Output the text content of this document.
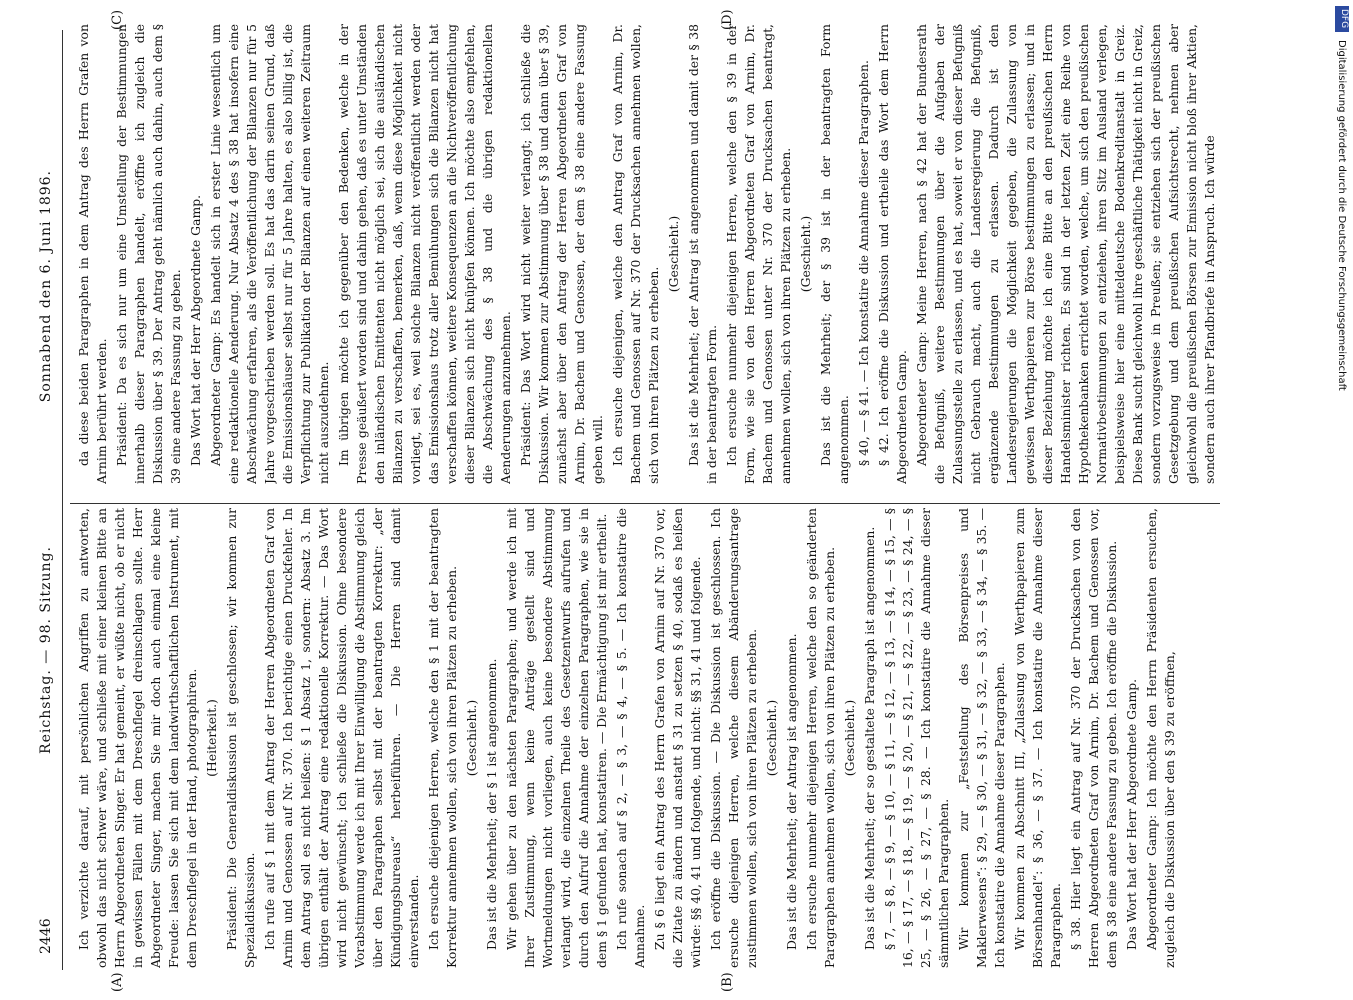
2446
Reichstag. — 98. Sitzung.
Sonnabend den 6. Juni 1896.
(A)	(B)
(C)	(D)

Ich verzichte darauf, mit persönlichen Angriffen zu antworten, obwohl das nicht schwer wäre, und schließe mit einer kleinen Bitte an Herrn Abgeordneten Singer. Er hat gemeint, er wüßte nicht, ob er nicht in gewissen Fällen mit dem Dreschflegel dreinschlagen sollte. Herr Abgeordneter Singer, machen Sie mir doch auch einmal eine kleine Freude: lassen Sie sich mit dem landwirthschaftlichen Instrument, mit dem Dreschflegel in der Hand, photographiren. (Heiterkeit.) Präsident: Die Generaldiskussion ist geschlossen; wir kommen zur Spezialdiskussion. Ich rufe auf § 1 mit dem Antrag der Herren Abgeordneten Graf von Arnim und Genossen auf Nr. 370. Ich berichtige einen Druckfehler. In dem Antrag soll es nicht heißen: § 1 Absatz 1, sondern: Absatz 3. Im übrigen enthält der Antrag eine redaktionelle Korrektur. — Das Wort wird nicht gewünscht; ich schließe die Diskussion. Ohne besondere Vorabstimmung werde ich mit Ihrer Einwilligung die Abstimmung gleich über den Paragraphen selbst mit der beantragten Korrektur: „der Kündigungsbureaus“ herbeiführen. — Die Herren sind damit einverstanden. Ich ersuche diejenigen Herren, welche den § 1 mit der beantragten Korrektur annehmen wollen, sich von ihren Plätzen zu erheben. (Geschieht.) Das ist die Mehrheit; der § 1 ist angenommen. Wir gehen über zu den nächsten Paragraphen; und werde ich mit Ihrer Zustimmung, wenn keine Anträge gestellt sind und Wortmeldungen nicht vorliegen, auch keine besondere Abstimmung verlangt wird, die einzelnen Theile des Gesetzentwurfs aufrufen und durch den Aufruf die Annahme der einzelnen Paragraphen, wie sie in dem § 1 gefunden hat, konstatiren. — Die Ermächtigung ist mir ertheilt. Ich rufe sonach auf § 2, — § 3, — § 4, — § 5. — Ich konstatire die Annahme. Zu § 6 liegt ein Antrag des Herrn Grafen von Arnim auf Nr. 370 vor, die Zitate zu ändern und anstatt § 31 zu setzen § 40, sodaß es heißen würde: §§ 40, 41 und folgende, und nicht: §§ 31, 41 und folgende. Ich eröffne die Diskussion. — Die Diskussion ist geschlossen. Ich ersuche diejenigen Herren, welche diesem Abänderungsantrage zustimmen wollen, sich von ihren Plätzen zu erheben. (Geschieht.) Das ist die Mehrheit; der Antrag ist angenommen. Ich ersuche nunmehr diejenigen Herren, welche den so geänderten Paragraphen annehmen wollen, sich von ihren Plätzen zu erheben. (Geschieht.) Das ist die Mehrheit; der so gestaltete Paragraph ist angenommen. § 7, — § 8, — § 9, — § 10, — § 11, — § 12, — § 13, — § 14, — § 15, — § 16, — § 17, — § 18, — § 19, — § 20, — § 21, — § 22, — § 23, — § 24, — § 25, — § 26, — § 27, — § 28. — Ich konstatire die Annahme dieser sämmtlichen Paragraphen. Wir kommen zur „Feststellung des Börsenpreises und Maklerwesens“: § 29, — § 30, — § 31, — § 32, — § 33, — § 34, — § 35. — Ich konstatire die Annahme dieser Paragraphen. Wir kommen zu Abschnitt III, „Zulassung von Werthpapieren zum Börsenhandel“: § 36, — § 37. — Ich konstatire die Annahme dieser Paragraphen. § 38. Hier liegt ein Antrag auf Nr. 370 der Drucksachen von den Herren Abgeordneten Graf von Arnim, Dr. Bachem und Genossen vor, dem § 38 eine andere Fassung zu geben. Ich eröffne die Diskussion. Das Wort hat der Herr Abgeordnete Gamp. Abgeordneter Gamp: Ich möchte den Herrn Präsidenten ersuchen, zugleich die Diskussion über den § 39 zu eröffnen,

da diese beiden Paragraphen in dem Antrag des Herrn Grafen von Arnim berührt werden. Präsident: Da es sich nur um eine Umstellung der Bestimmungen innerhalb dieser Paragraphen handelt, eröffne ich zugleich die Diskussion über § 39. Der Antrag geht nämlich auch dahin, auch dem § 39 eine andere Fassung zu geben. Das Wort hat der Herr Abgeordnete Gamp. Abgeordneter Gamp: Es handelt sich in erster Linie wesentlich um eine redaktionelle Aenderung. Nur Absatz 4 des § 38 hat insofern eine Abschwächung erfahren, als die Veröffentlichung der Bilanzen nur für 5 Jahre vorgeschrieben werden soll. Es hat das darin seinen Grund, daß die Emissionshäuser selbst nur für 5 Jahre halten, es also billig ist, die Verpflichtung zur Publikation der Bilanzen auf einen weiteren Zeitraum nicht auszudehnen. Im übrigen möchte ich gegenüber den Bedenken, welche in der Presse geäußert worden sind und dahin gehen, daß es unter Umständen den inländischen Emittenten nicht möglich sei, sich die ausländischen Bilanzen zu verschaffen, bemerken, daß, wenn diese Möglichkeit nicht vorliegt, sei es, weil solche Bilanzen nicht veröffentlicht werden oder das Emissionshaus trotz aller Bemühungen sich die Bilanzen nicht hat verschaffen können, weitere Konsequenzen an die Nichtveröffentlichung dieser Bilanzen sich nicht knüpfen können. Ich möchte also empfehlen, die Abschwächung des § 38 und die übrigen redaktionellen Aenderungen anzunehmen. Präsident: Das Wort wird nicht weiter verlangt; ich schließe die Diskussion. Wir kommen zur Abstimmung über § 38 und dann über § 39, zunächst aber über den Antrag der Herren Abgeordneten Graf von Arnim, Dr. Bachem und Genossen, der dem § 38 eine andere Fassung geben will. Ich ersuche diejenigen, welche den Antrag Graf von Arnim, Dr. Bachem und Genossen auf Nr. 370 der Drucksachen annehmen wollen, sich von ihren Plätzen zu erheben.

(Geschieht.) Das ist die Mehrheit; der Antrag ist angenommen und damit der § 38 in der beantragten Form. Ich ersuche nunmehr diejenigen Herren, welche den § 39 in der Form, wie sie von den Herren Abgeordneten Graf von Arnim, Dr. Bachem und Genossen unter Nr. 370 der Drucksachen beantragt, annehmen wollen, sich von ihren Plätzen zu erheben. (Geschieht.) Das ist die Mehrheit; der § 39 ist in der beantragten Form angenommen. § 40, — § 41. — Ich konstatire die Annahme dieser Paragraphen. § 42. Ich eröffne die Diskussion und ertheile das Wort dem Herrn Abgeordneten Gamp. Abgeordneter Gamp: Meine Herren, nach § 42 hat der Bundesrath die Befugniß, weitere Bestimmungen über die Aufgaben der Zulassungsstelle zu erlassen, und es hat, soweit er von dieser Befugniß nicht Gebrauch macht, auch die Landesregierung die Befugniß, ergänzende Bestimmungen zu erlassen. Dadurch ist den Landesregierungen die Möglichkeit gegeben, die Zulassung von gewissen Werthpapieren zur Börse bestimmungen zu erlassen; und in dieser Beziehung möchte ich eine Bitte an den preußischen Herrn Handelsminister richten. Es sind in der letzten Zeit eine Reihe von Hypothekenbanken errichtet worden, welche, um sich den preußischen Normativbestimmungen zu entziehen, ihren Sitz im Ausland verlegen, beispielsweise hier eine mitteldeutsche Bodenkreditanstalt in Greiz. Diese Bank sucht gleichwohl ihre geschäftliche Thätigkeit nicht in Greiz, sondern vorzugsweise in Preußen; sie entziehen sich der preußischen Gesetzgebung und dem preußischen Aufsichtsrecht, nehmen aber gleichwohl die preußischen Börsen zur Emission nicht bloß ihrer Aktien, sondern auch ihrer Pfandbriefe in Anspruch. Ich würde

DFG
Digitalisierung gefördert durch die Deutsche Forschungsgemeinschaft
